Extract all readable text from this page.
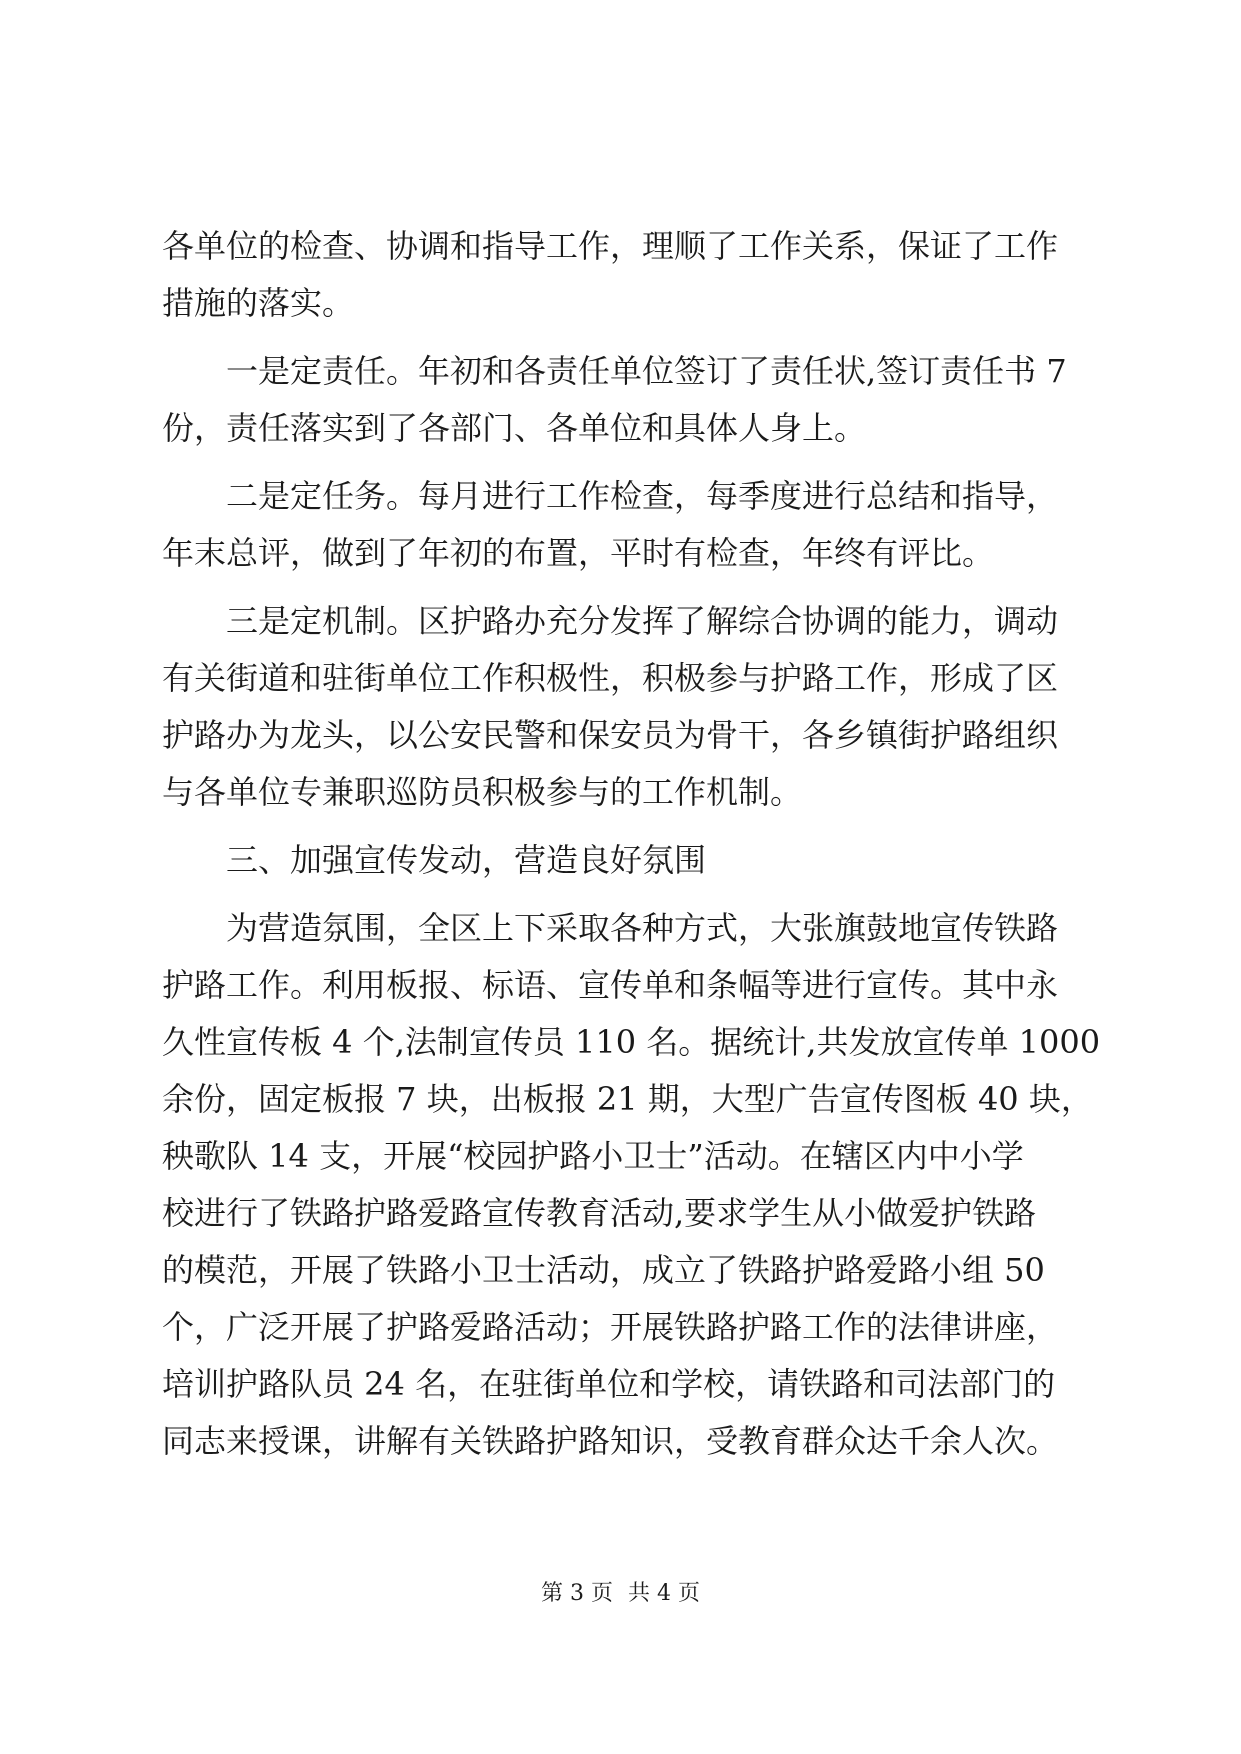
各单位的检查、协调和指导工作，理顺了工作关系，保证了工作
措施的落实。
一是定责任。年初和各责任单位签订了责任状,签订责任书 7
份，责任落实到了各部门、各单位和具体人身上。
二是定任务。每月进行工作检查，每季度进行总结和指导，
年末总评，做到了年初的布置，平时有检查，年终有评比。
三是定机制。区护路办充分发挥了解综合协调的能力，调动
有关街道和驻街单位工作积极性，积极参与护路工作，形成了区
护路办为龙头，以公安民警和保安员为骨干，各乡镇街护路组织
与各单位专兼职巡防员积极参与的工作机制。
三、加强宣传发动，营造良好氛围
为营造氛围，全区上下采取各种方式，大张旗鼓地宣传铁路
护路工作。利用板报、标语、宣传单和条幅等进行宣传。其中永
久性宣传板 4 个,法制宣传员 110 名。据统计,共发放宣传单 1000
余份，固定板报 7 块，出板报 21 期，大型广告宣传图板 40 块，
秧歌队 14 支，开展“校园护路小卫士”活动。在辖区内中小学
校进行了铁路护路爱路宣传教育活动,要求学生从小做爱护铁路
的模范，开展了铁路小卫士活动，成立了铁路护路爱路小组 50
个，广泛开展了护路爱路活动；开展铁路护路工作的法律讲座，
培训护路队员 24 名，在驻街单位和学校，请铁路和司法部门的
同志来授课，讲解有关铁路护路知识，受教育群众达千余人次。
第 3 页 共 4 页
